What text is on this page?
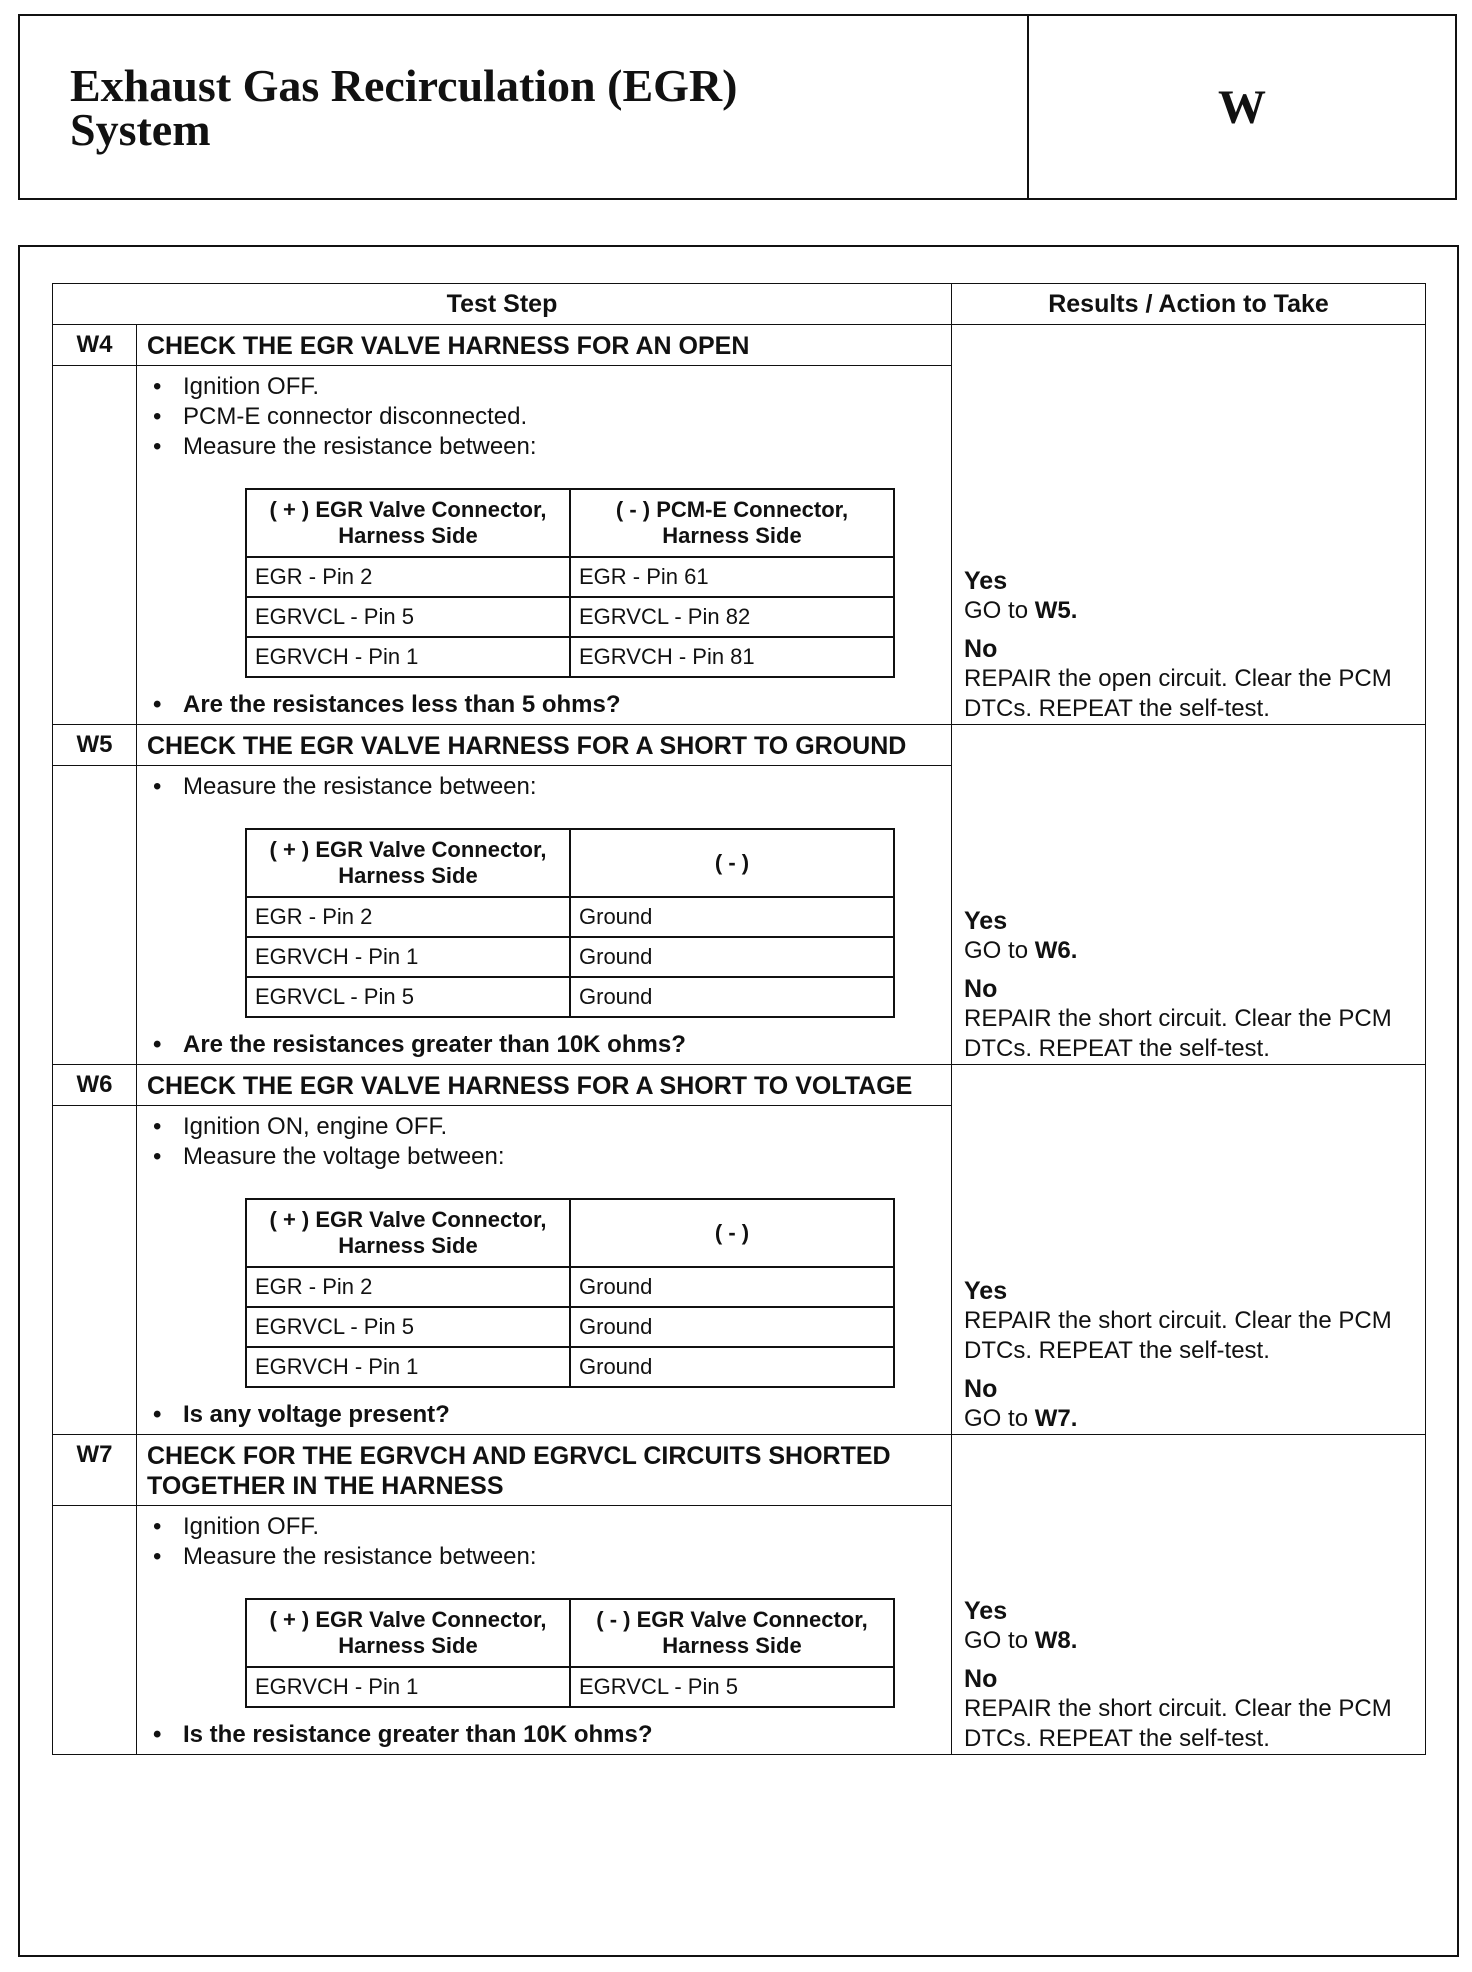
Exhaust Gas Recirculation (EGR)
System	W
Test Step	Results / Action to Take
W4	CHECK THE EGR VALVE HARNESS FOR AN OPEN	
Yes
GO to W5.
No
REPAIR the open circuit. Clear the PCM DTCs. REPEAT the self-test.

• Ignition OFF.
• PCM-E connector disconnected.
• Measure the resistance between:
( + ) EGR Valve Connector, Harness Side	( - ) PCM-E Connector, Harness Side
EGR - Pin 2	EGR - Pin 61
EGRVCL - Pin 5	EGRVCL - Pin 82
EGRVCH - Pin 1	EGRVCH - Pin 81
• Are the resistances less than 5 ohms?

W5	CHECK THE EGR VALVE HARNESS FOR A SHORT TO GROUND	
Yes
GO to W6.
No
REPAIR the short circuit. Clear the PCM DTCs. REPEAT the self-test.

• Measure the resistance between:
( + ) EGR Valve Connector, Harness Side	( - )
EGR - Pin 2	Ground
EGRVCH - Pin 1	Ground
EGRVCL - Pin 5	Ground
• Are the resistances greater than 10K ohms?

W6	CHECK THE EGR VALVE HARNESS FOR A SHORT TO VOLTAGE	
Yes
REPAIR the short circuit. Clear the PCM DTCs. REPEAT the self-test.
No
GO to W7.

• Ignition ON, engine OFF.
• Measure the voltage between:
( + ) EGR Valve Connector, Harness Side	( - )
EGR - Pin 2	Ground
EGRVCL - Pin 5	Ground
EGRVCH - Pin 1	Ground
• Is any voltage present?

W7	CHECK FOR THE EGRVCH AND EGRVCL CIRCUITS SHORTED TOGETHER IN THE HARNESS	
Yes
GO to W8.
No
REPAIR the short circuit. Clear the PCM DTCs. REPEAT the self-test.

• Ignition OFF.
• Measure the resistance between:
( + ) EGR Valve Connector, Harness Side	( - ) EGR Valve Connector, Harness Side
EGRVCH - Pin 1	EGRVCL - Pin 5
• Is the resistance greater than 10K ohms?
